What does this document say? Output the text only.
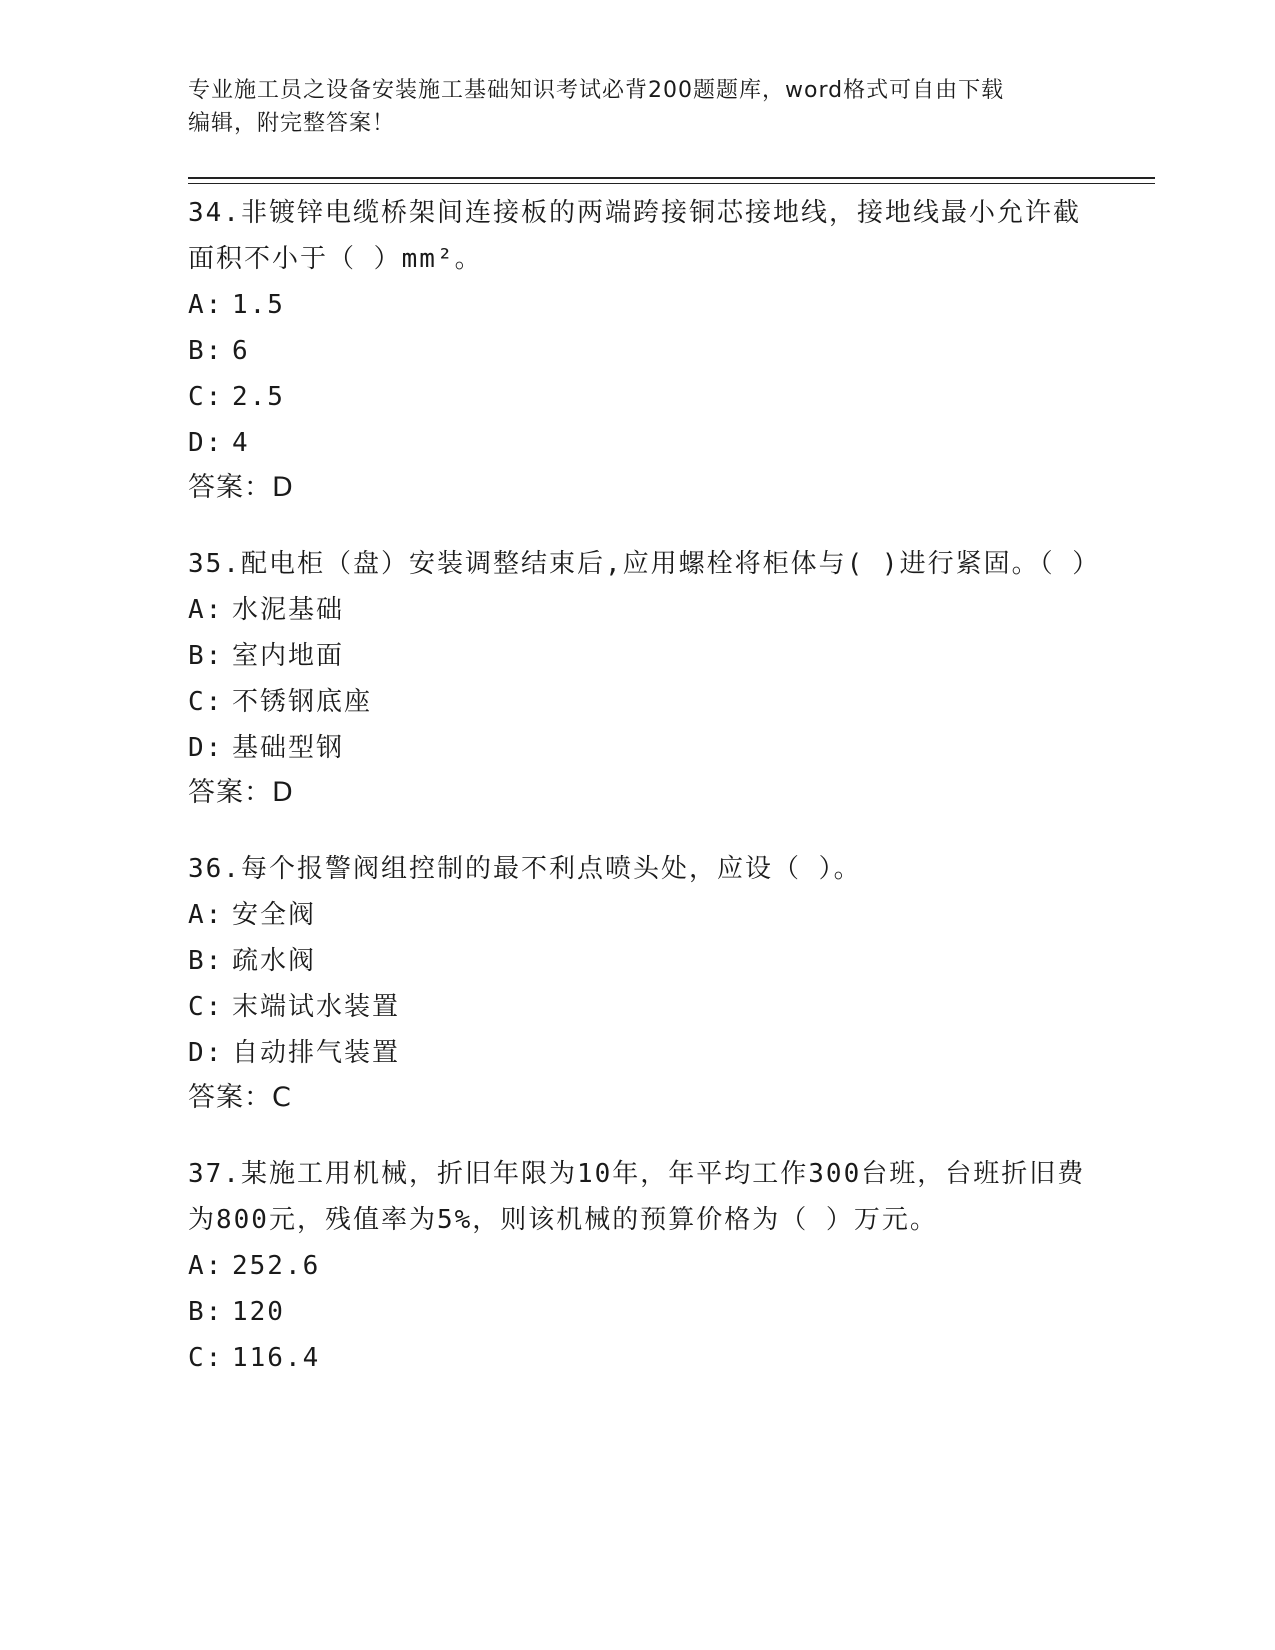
专业施工员之设备安装施工基础知识考试必背200题题库，word格式可自由下载
编辑，附完整答案！
34.非镀锌电缆桥架间连接板的两端跨接铜芯接地线，接地线最小允许截面积不小于（ ）mm²。
A: 1.5
B: 6
C: 2.5
D: 4
答案：D
35.配电柜（盘）安装调整结束后,应用螺栓将柜体与( )进行紧固。（ ）
A: 水泥基础
B: 室内地面
C: 不锈钢底座
D: 基础型钢
答案：D
36.每个报警阀组控制的最不利点喷头处，应设（ ）。
A: 安全阀
B: 疏水阀
C: 末端试水装置
D: 自动排气装置
答案：C
37.某施工用机械，折旧年限为10年，年平均工作300台班，台班折旧费为800元，残值率为5%，则该机械的预算价格为（ ）万元。
A: 252.6
B: 120
C: 116.4
